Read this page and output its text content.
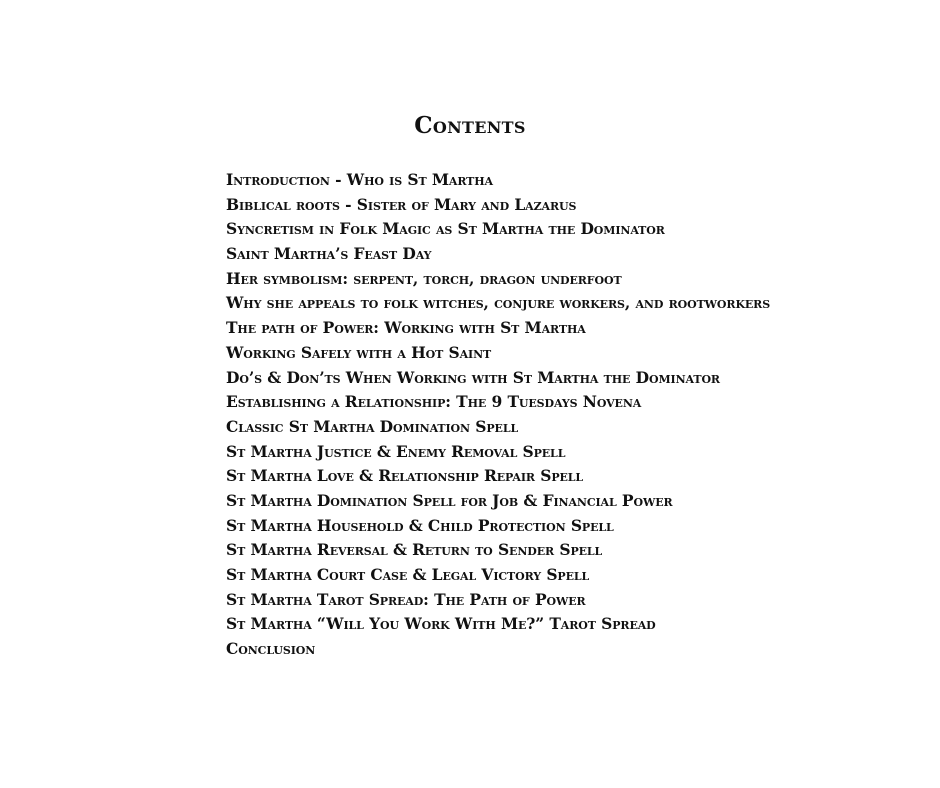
Contents
Introduction - Who is St Martha
Biblical roots - Sister of Mary and Lazarus
Syncretism in Folk Magic as St Martha the Dominator
Saint Martha’s Feast Day
Her symbolism: serpent, torch, dragon underfoot
Why she appeals to folk witches, conjure workers, and rootworkers
The path of Power: Working with St Martha
Working Safely with a Hot Saint
Do’s & Don’ts When Working with St Martha the Dominator
Establishing a Relationship: The 9 Tuesdays Novena
Classic St Martha Domination Spell
St Martha Justice & Enemy Removal Spell
St Martha Love & Relationship Repair Spell
St Martha Domination Spell for Job & Financial Power
St Martha Household & Child Protection Spell
St Martha Reversal & Return to Sender Spell
St Martha Court Case & Legal Victory Spell
St Martha Tarot Spread: The Path of Power
St Martha “Will You Work With Me?” Tarot Spread
Conclusion
